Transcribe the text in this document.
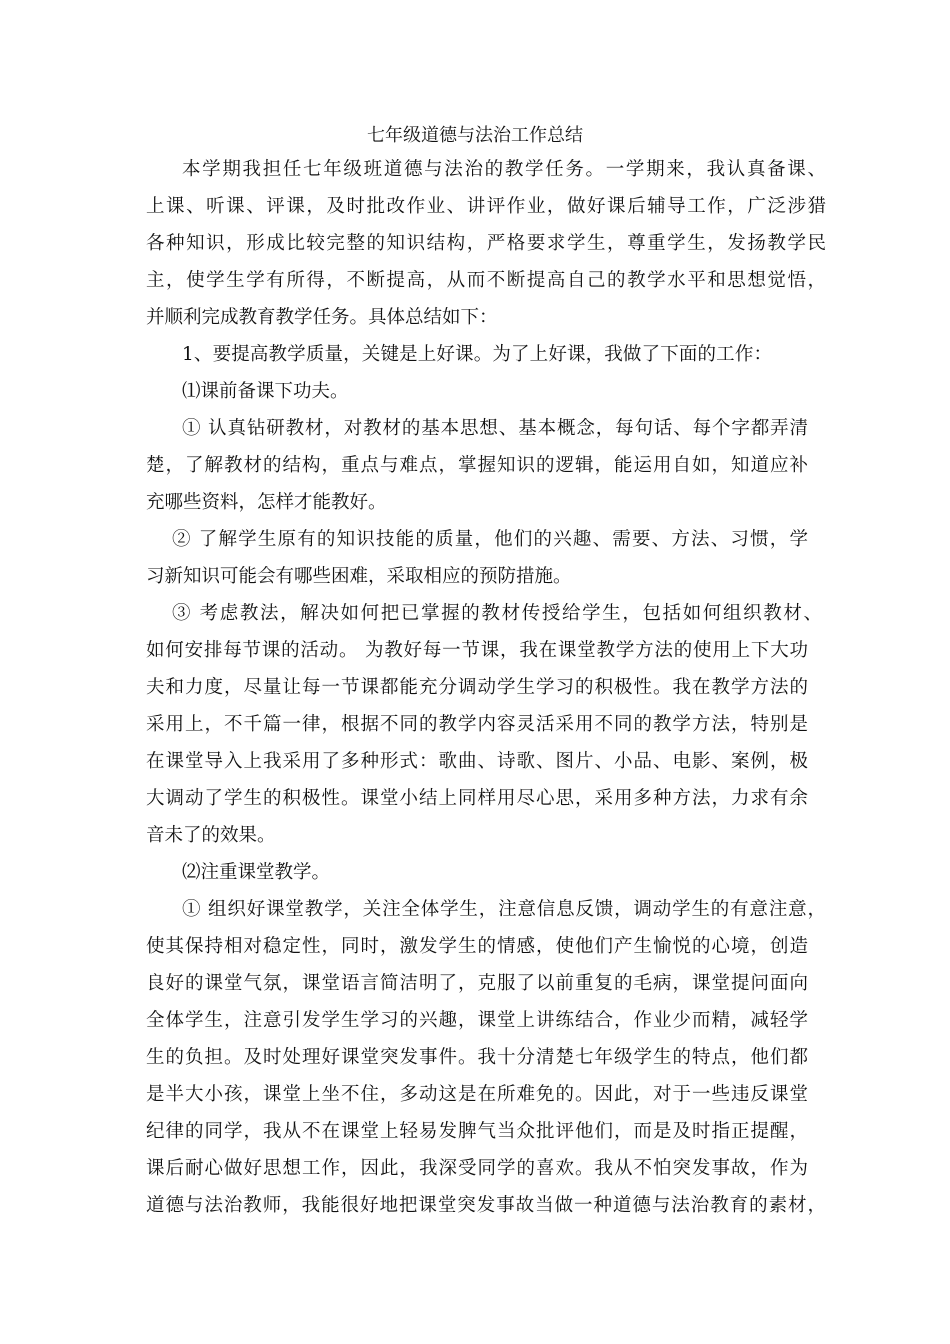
七年级道德与法治工作总结
本学期我担任七年级班道德与法治的教学任务。一学期来，我认真备课、
上课、听课、评课，及时批改作业、讲评作业，做好课后辅导工作，广泛涉猎
各种知识，形成比较完整的知识结构，严格要求学生，尊重学生，发扬教学民
主，使学生学有所得，不断提高，从而不断提高自己的教学水平和思想觉悟，
并顺利完成教育教学任务。具体总结如下：
1、要提高教学质量，关键是上好课。为了上好课，我做了下面的工作：
⑴课前备课下功夫。
① 认真钻研教材，对教材的基本思想、基本概念，每句话、每个字都弄清
楚，了解教材的结构，重点与难点，掌握知识的逻辑，能运用自如，知道应补
充哪些资料，怎样才能教好。
② 了解学生原有的知识技能的质量，他们的兴趣、需要、方法、习惯，学
习新知识可能会有哪些困难，采取相应的预防措施。
③ 考虑教法，解决如何把已掌握的教材传授给学生，包括如何组织教材、
如何安排每节课的活动。 为教好每一节课，我在课堂教学方法的使用上下大功
夫和力度，尽量让每一节课都能充分调动学生学习的积极性。我在教学方法的
采用上，不千篇一律，根据不同的教学内容灵活采用不同的教学方法，特别是
在课堂导入上我采用了多种形式：歌曲、诗歌、图片、小品、电影、案例，极
大调动了学生的积极性。课堂小结上同样用尽心思，采用多种方法，力求有余
音未了的效果。
⑵注重课堂教学。
① 组织好课堂教学，关注全体学生，注意信息反馈，调动学生的有意注意，
使其保持相对稳定性，同时，激发学生的情感，使他们产生愉悦的心境，创造
良好的课堂气氛，课堂语言简洁明了，克服了以前重复的毛病，课堂提问面向
全体学生，注意引发学生学习的兴趣，课堂上讲练结合，作业少而精，减轻学
生的负担。及时处理好课堂突发事件。我十分清楚七年级学生的特点，他们都
是半大小孩，课堂上坐不住，多动这是在所难免的。因此，对于一些违反课堂
纪律的同学，我从不在课堂上轻易发脾气当众批评他们，而是及时指正提醒，
课后耐心做好思想工作，因此，我深受同学的喜欢。我从不怕突发事故，作为
道德与法治教师，我能很好地把课堂突发事故当做一种道德与法治教育的素材，
